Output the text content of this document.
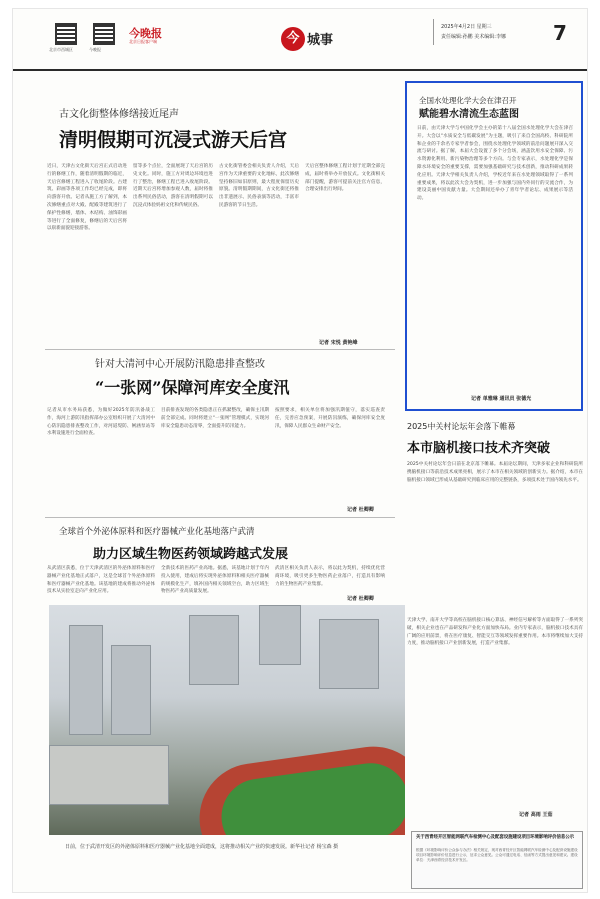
北京市西城区	今晚报
今晚报
北京日报客户端	今 城事
2025年4月2日 星期三
责任编辑:孙鹏 美术编辑:李娜 7
古文化街整体修缮接近尾声
清明假期可沉浸式游天后宫
近日，天津古文化街天后宫正式启动进行的修缮工作，随着清明假期的临近，天后宫修缮工程进入了收尾阶段。古建筑、彩画等各项工作均已经完成，即将向游客开放。记者从施工方了解到，本次修缮重点对大殿、配殿等建筑进行了保护性修缮，墙体、木结构、油饰彩画等进行了全面修复，修缮后的天后宫将以崭新面貌迎接游客。
留等多个点位，全面展现了天后宫的历史文化。同时，施工方对周边环境也进行了整治，修缮工程已进入收尾阶段。近期天后宫将增加参观人数，届时将推出系列民俗活动，游客在清明假期可以沉浸式体验妈祖文化和传统民俗。
古文化街管委会相关负责人介绍，天后宫作为天津重要的文化地标，此次修缮坚持修旧如旧原则，最大程度保留历史原貌。清明假期期间，古文化街还将推出非遗展示、民俗表演等活动，丰富市民游客的节日生活。
天后宫整体修缮工程计划于近期全部完成，届时将举办开放仪式。文化街相关部门提醒，游客可提前关注官方信息，合理安排出行时间。
记者 宋悦 黄艳峰
全国水处理化学大会在津召开
赋能碧水清流生态蓝图
日前，由天津大学与中国化学会主办的第十八届全国水处理化学大会在津召开。大会以“水质安全与低碳发展”为主题，吸引了来自全国高校、科研院所和企业的千余名专家学者参会，围绕水处理化学领域的前沿问题展开深入交流与研讨。据了解，本届大会设置了多个分会场，涵盖饮用水安全保障、污水资源化利用、新污染物治理等多个方向。与会专家表示，水处理化学是保障水环境安全的重要支撑，需要加强基础研究与技术创新，推动科研成果转化应用。天津大学相关负责人介绍，学校近年来在水处理领域取得了一系列重要成果，将以此次大会为契机，进一步加强与国内外同行的交流合作，为建设美丽中国贡献力量。大会期间还举办了青年学者论坛、成果展示等活动。
记者 单雅琳 通讯员 张德光
针对大清河中心开展防汛隐患排查整改
“一张网”保障河库安全度汛
记者从市水务局获悉，为做好2025年防汛备战工作，海河上游防汛指挥部办公室组织开展了大清河中心防汛隐患排查整改工作，对河道堤防、闸涵泵站等水利设施进行全面检查。
目前排查发现的各类隐患正在抓紧整改，确保主汛期前全部完成。同时将建立“一张网”管理模式，实现河库安全隐患动态清零，全面提升防汛能力。
按照要求，相关单位将加强汛期值守，落实巡查责任，完善应急预案，开展防汛演练，确保河库安全度汛，保障人民群众生命财产安全。
记者 杜卿卿
全球首个外泌体原料和医疗器械产业化基地落户武清
助力区域生物医药领域跨越式发展
从武清区获悉，位于天津武清区的外泌体原料和医疗器械产业化基地正式落户，这是全球首个外泌体原料和医疗器械产业化基地。该基地的建成将推动外泌体技术从实验室走向产业化应用。
全新技术的医药产业高地。据悉，该基地计划于年内投入使用，建成后将实现外泌体原料和相关医疗器械的规模化生产，填补国内相关领域空白，助力区域生物医药产业高质量发展。
武清区相关负责人表示，将以此为契机，持续优化营商环境，吸引更多生物医药企业落户，打造具有影响力的生物医药产业集群。
记者 杜卿卿
日前，位于武清开发区的外泌体原料和医疗器械产业化基地全面建成，这将推动相关产业的快速发展。新华社记者 杨宝森 摄
2025中关村论坛年会落下帷幕
本市脑机接口技术齐突破
2025中关村论坛年会日前在北京落下帷幕。本届论坛期间，天津多家企业和科研院所携脑机接口等前沿技术成果亮相，展示了本市在相关领域的创新实力。据介绍，本市在脑机接口领域已形成从基础研究到临床应用的完整链条，多项技术处于国内领先水平。
天津大学、南开大学等高校在脑机接口核心算法、神经信号解析等方面取得了一系列突破，相关企业也在产品研发和产业化方面加快布局。业内专家表示，脑机接口技术具有广阔的应用前景，将在医疗康复、智能交互等领域发挥重要作用。本市将继续加大支持力度，推动脑机接口产业创新发展，打造产业集群。
记者 高雨 王茹
关于西青经开区智能网联汽车检测中心及配套设施建设项目环境影响评价信息公示
根据《环境影响评价公众参与办法》相关规定，现对西青经开区智能网联汽车检测中心及配套设施建设项目环境影响评价信息进行公示，征求公众意见。公众可通过电话、信函等方式提出意见和建议。建设单位：天津西青经济技术开发区。
